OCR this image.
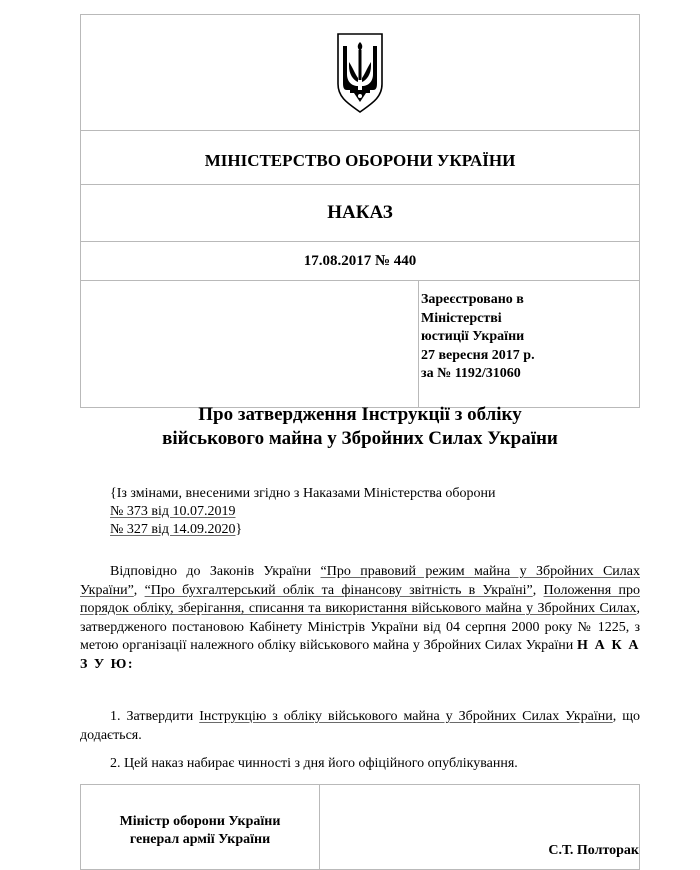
МІНІСТЕРСТВО ОБОРОНИ УКРАЇНИ
НАКАЗ
17.08.2017 № 440

Зареєстровано в
Міністерстві
юстиції України
27 вересня 2017 р.
за № 1192/31060
Про затвердження Інструкції з обліку
військового майна у Збройних Силах України
{Із змінами, внесеними згідно з Наказами Міністерства оборони
№ 373 від 10.07.2019
№ 327 від 14.09.2020}
Відповідно до Законів України “Про правовий режим майна у Збройних Силах України”, “Про бухгалтерський облік та фінансову звітність в Україні”, Положення про порядок обліку, зберігання, списання та використання військового майна у Збройних Силах, затвердженого постановою Кабінету Міністрів України від 04 серпня 2000 року № 1225, з метою організації належного обліку військового майна у Збройних Силах України Н А К А З У Ю:
1. Затвердити Інструкцію з обліку військового майна у Збройних Силах України, що додається.
2. Цей наказ набирає чинності з дня його офіційного опублікування.
Міністр оборони України
генерал армії України
	С.Т. Полторак
